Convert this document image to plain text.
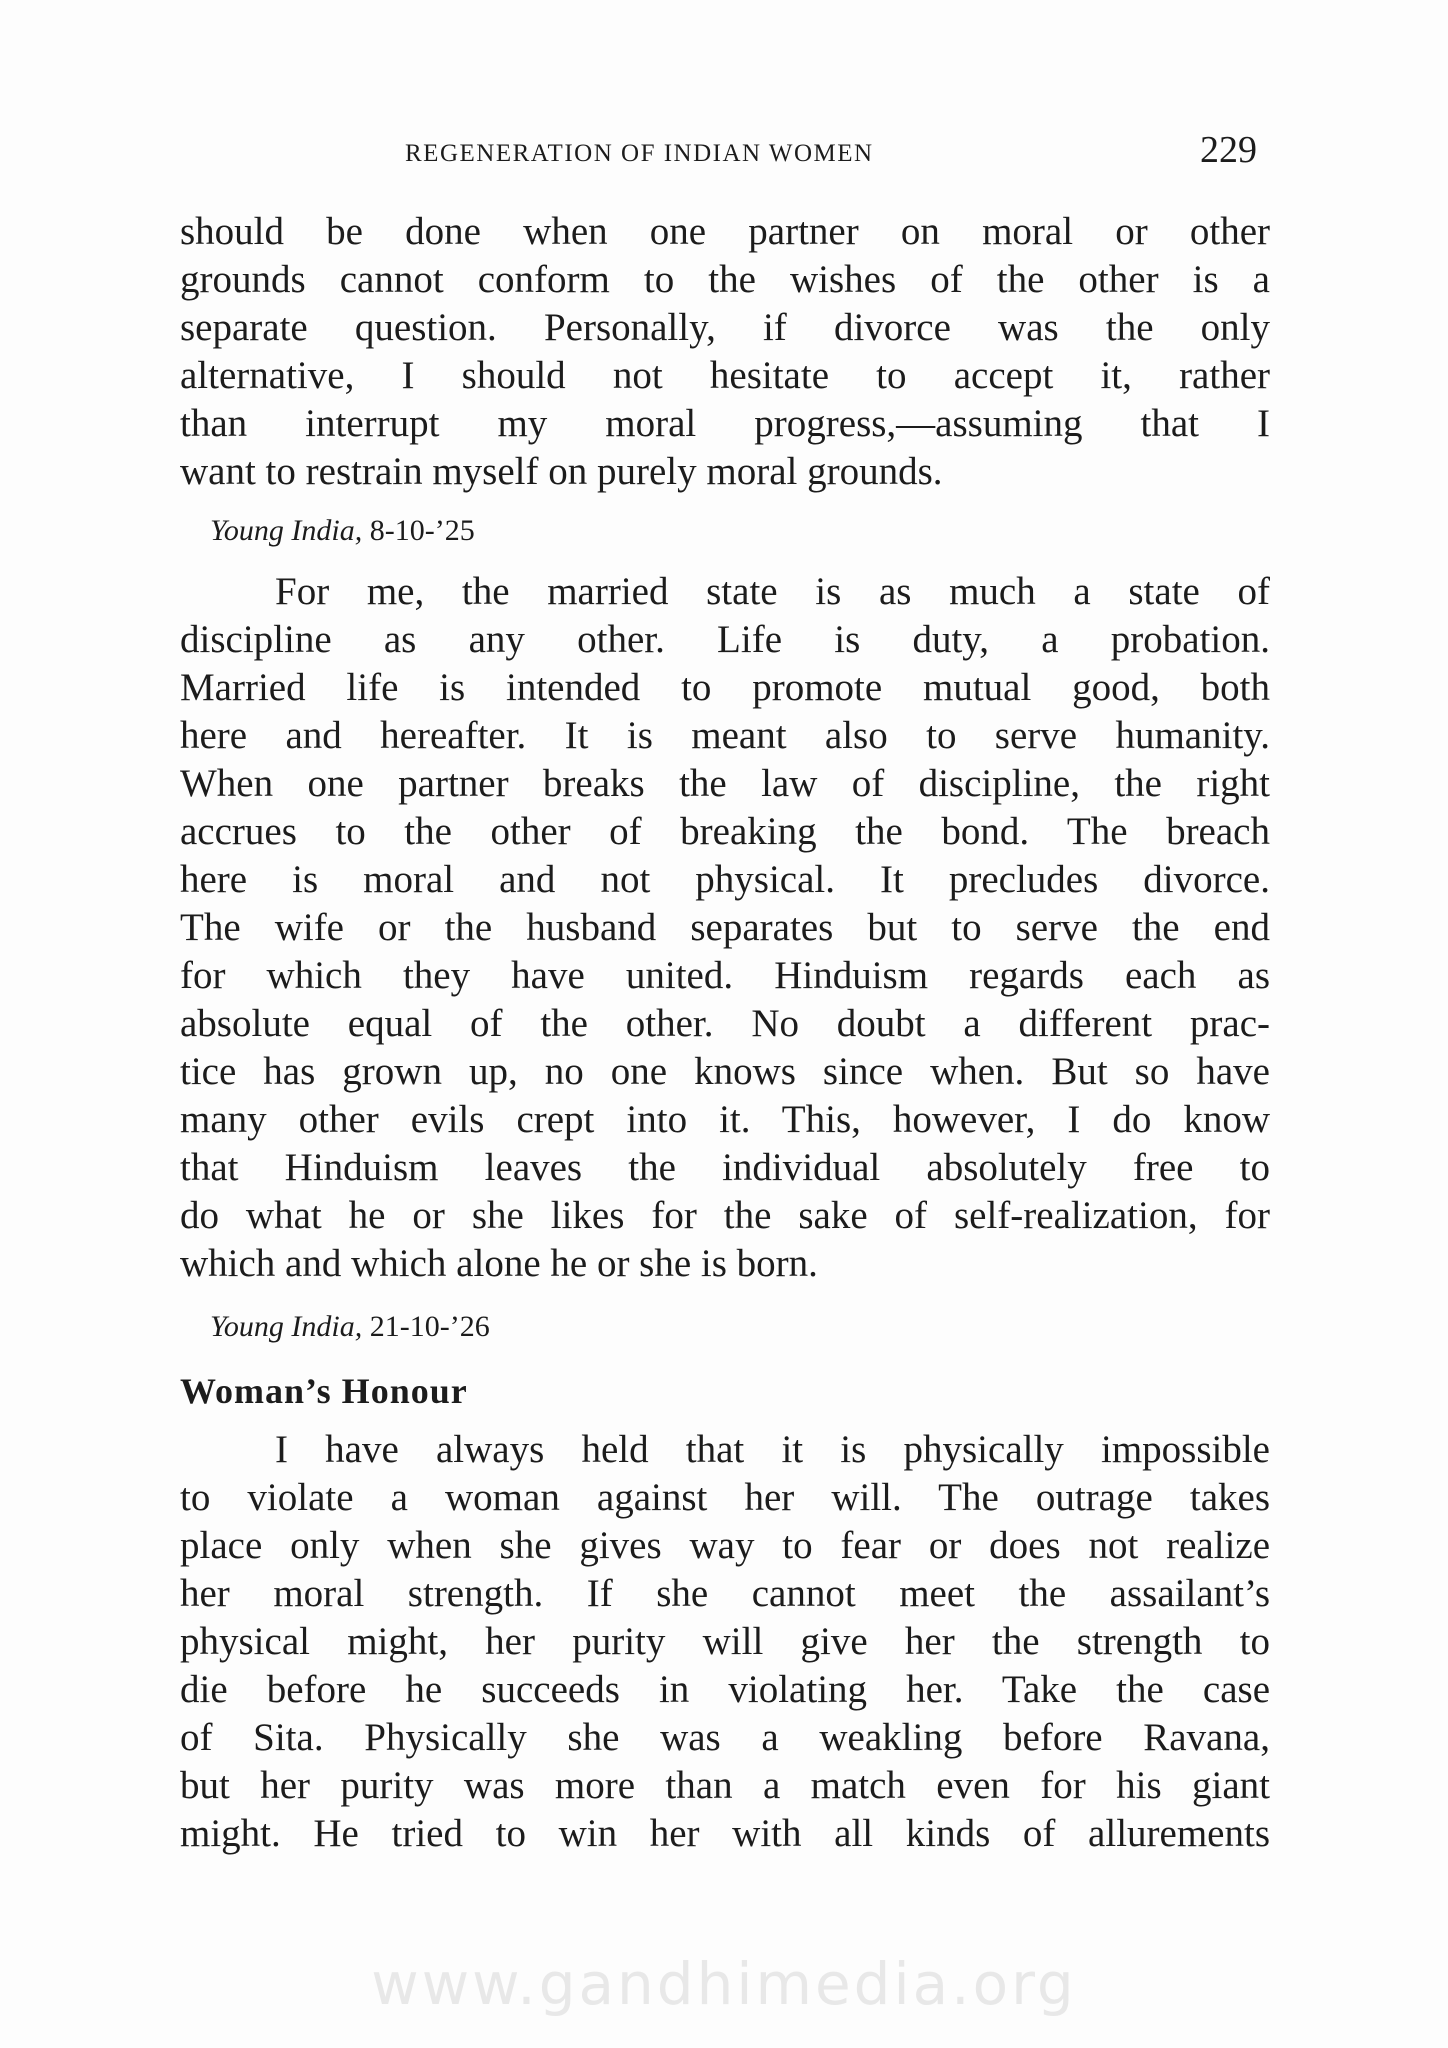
REGENERATION OF INDIAN WOMEN	229
should be done when one partner on moral or other
grounds cannot conform to the wishes of the other is a
separate question. Personally, if divorce was the only
alternative, I should not hesitate to accept it, rather
than interrupt my moral progress,—assuming that I
want to restrain myself on purely moral grounds.
Young India, 8-10-’25
For me, the married state is as much a state of
discipline as any other. Life is duty, a probation.
Married life is intended to promote mutual good, both
here and hereafter. It is meant also to serve humanity.
When one partner breaks the law of discipline, the right
accrues to the other of breaking the bond. The breach
here is moral and not physical. It precludes divorce.
The wife or the husband separates but to serve the end
for which they have united. Hinduism regards each as
absolute equal of the other. No doubt a different prac-
tice has grown up, no one knows since when. But so have
many other evils crept into it. This, however, I do know
that Hinduism leaves the individual absolutely free to
do what he or she likes for the sake of self-realization, for
which and which alone he or she is born.
Young India, 21-10-’26
Woman’s Honour
I have always held that it is physically impossible
to violate a woman against her will. The outrage takes
place only when she gives way to fear or does not realize
her moral strength. If she cannot meet the assailant’s
physical might, her purity will give her the strength to
die before he succeeds in violating her. Take the case
of Sita. Physically she was a weakling before Ravana,
but her purity was more than a match even for his giant
might. He tried to win her with all kinds of allurements
www.gandhimedia.org
